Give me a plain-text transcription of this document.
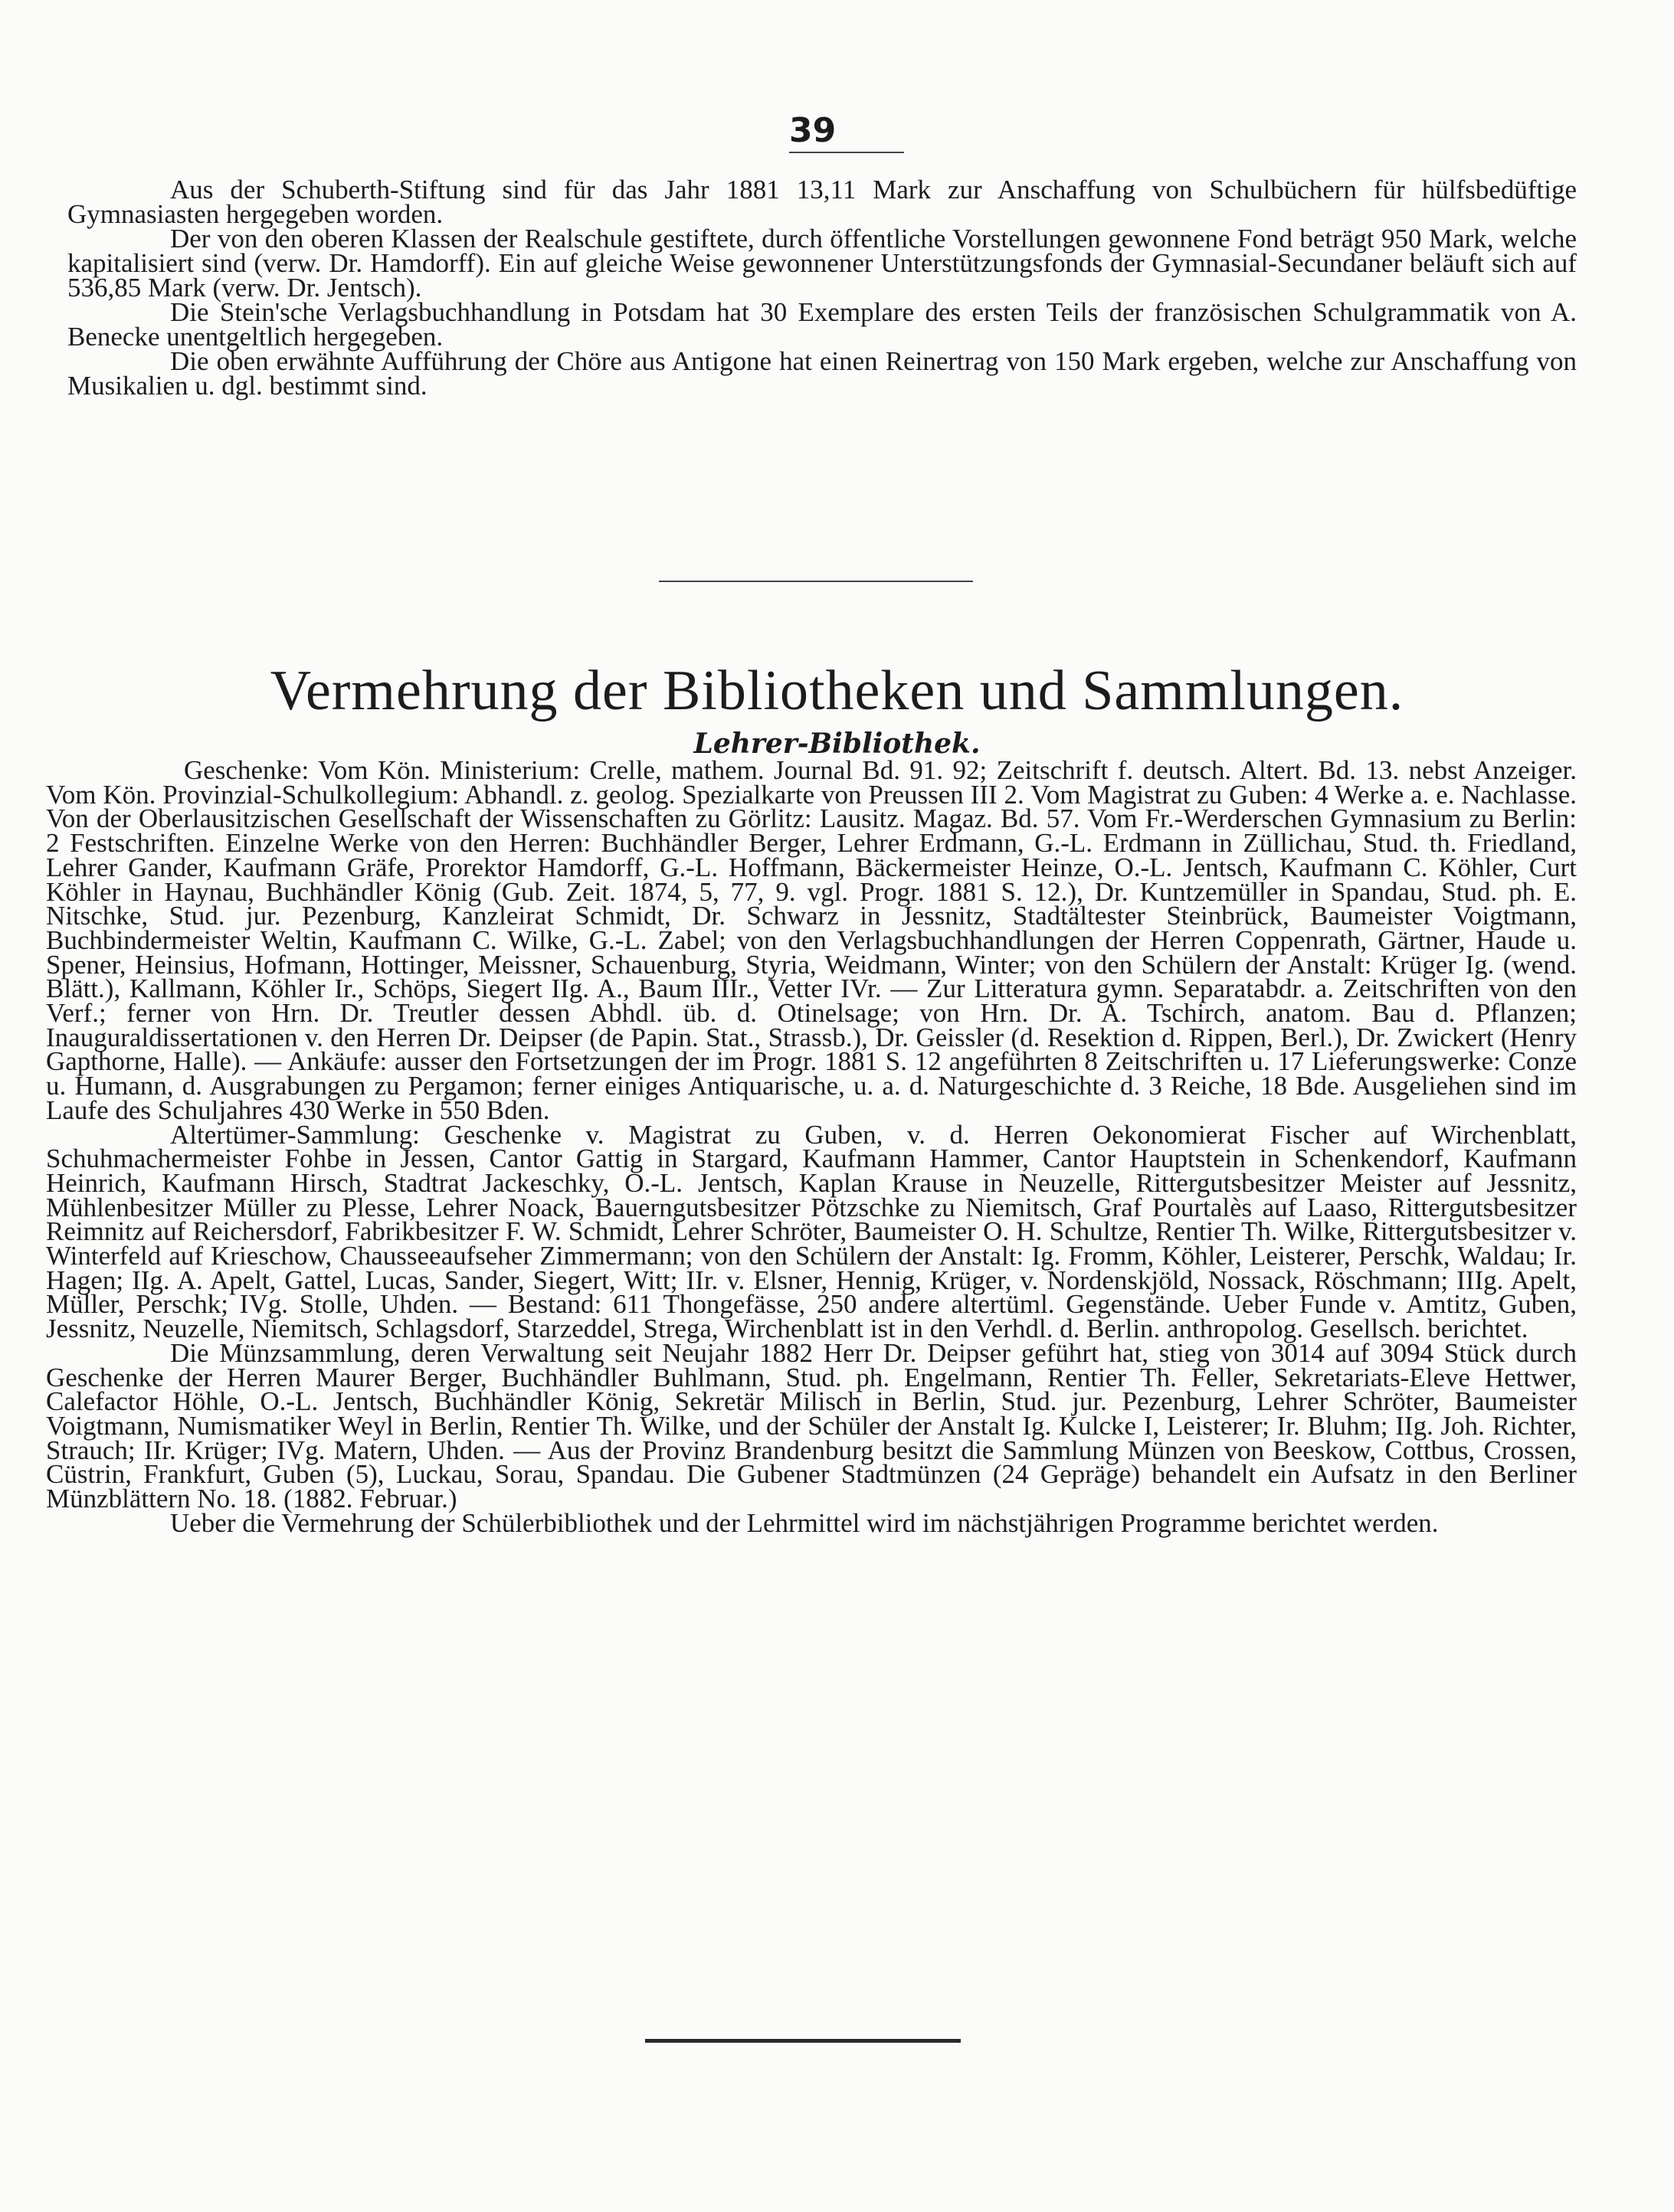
39

Aus der Schuberth-Stiftung sind für das Jahr 1881 13,11 Mark zur Anschaffung von Schulbüchern für hülfsbedüftige Gymnasiasten hergegeben worden.

Der von den oberen Klassen der Realschule gestiftete, durch öffentliche Vorstellungen gewonnene Fond beträgt 950 Mark, welche kapitalisiert sind (verw. Dr. Hamdorff). Ein auf gleiche Weise gewonnener Unterstützungsfonds der Gymnasial-Secundaner beläuft sich auf 536,85 Mark (verw. Dr. Jentsch).

Die Stein'sche Verlagsbuchhandlung in Potsdam hat 30 Exemplare des ersten Teils der französischen Schulgrammatik von A. Benecke unentgeltlich hergegeben.

Die oben erwähnte Aufführung der Chöre aus Antigone hat einen Reinertrag von 150 Mark ergeben, welche zur Anschaffung von Musikalien u. dgl. bestimmt sind.

Vermehrung der Bibliotheken und Sammlungen.
Lehrer-Bibliothek.

Geschenke: Vom Kön. Ministerium: Crelle, mathem. Journal Bd. 91. 92; Zeitschrift f. deutsch. Altert. Bd. 13. nebst Anzeiger. Vom Kön. Provinzial-Schulkollegium: Abhandl. z. geolog. Spezialkarte von Preussen III 2. Vom Magistrat zu Guben: 4 Werke a. e. Nachlasse. Von der Oberlausitzischen Gesellschaft der Wissenschaften zu Görlitz: Lausitz. Magaz. Bd. 57. Vom Fr.-Werderschen Gymnasium zu Berlin: 2 Festschriften. Einzelne Werke von den Herren: Buchhändler Berger, Lehrer Erdmann, G.-L. Erdmann in Züllichau, Stud. th. Friedland, Lehrer Gander, Kaufmann Gräfe, Prorektor Hamdorff, G.-L. Hoffmann, Bäckermeister Heinze, O.-L. Jentsch, Kaufmann C. Köhler, Curt Köhler in Haynau, Buchhändler König (Gub. Zeit. 1874, 5, 77, 9. vgl. Progr. 1881 S. 12.), Dr. Kuntzemüller in Spandau, Stud. ph. E. Nitschke, Stud. jur. Pezenburg, Kanzleirat Schmidt, Dr. Schwarz in Jessnitz, Stadtältester Steinbrück, Baumeister Voigtmann, Buchbindermeister Weltin, Kaufmann C. Wilke, G.-L. Zabel; von den Verlagsbuchhandlungen der Herren Coppenrath, Gärtner, Haude u. Spener, Heinsius, Hofmann, Hottinger, Meissner, Schauenburg, Styria, Weidmann, Winter; von den Schülern der Anstalt: Krüger Ig. (wend. Blätt.), Kallmann, Köhler Ir., Schöps, Siegert IIg. A., Baum IIIr., Vetter IVr. — Zur Litteratura gymn. Separatabdr. a. Zeitschriften von den Verf.; ferner von Hrn. Dr. Treutler dessen Abhdl. üb. d. Otinelsage; von Hrn. Dr. A. Tschirch, anatom. Bau d. Pflanzen; Inauguraldissertationen v. den Herren Dr. Deipser (de Papin. Stat., Strassb.), Dr. Geissler (d. Resektion d. Rippen, Berl.), Dr. Zwickert (Henry Gapthorne, Halle). — Ankäufe: ausser den Fortsetzungen der im Progr. 1881 S. 12 angeführten 8 Zeitschriften u. 17 Lieferungswerke: Conze u. Humann, d. Ausgrabungen zu Pergamon; ferner einiges Antiquarische, u. a. d. Naturgeschichte d. 3 Reiche, 18 Bde. Ausgeliehen sind im Laufe des Schuljahres 430 Werke in 550 Bden.

Altertümer-Sammlung: Geschenke v. Magistrat zu Guben, v. d. Herren Oekonomierat Fischer auf Wirchenblatt, Schuhmachermeister Fohbe in Jessen, Cantor Gattig in Stargard, Kaufmann Hammer, Cantor Hauptstein in Schenkendorf, Kaufmann Heinrich, Kaufmann Hirsch, Stadtrat Jackeschky, O.-L. Jentsch, Kaplan Krause in Neuzelle, Rittergutsbesitzer Meister auf Jessnitz, Mühlenbesitzer Müller zu Plesse, Lehrer Noack, Bauerngutsbesitzer Pötzschke zu Niemitsch, Graf Pourtalès auf Laaso, Rittergutsbesitzer Reimnitz auf Reichersdorf, Fabrikbesitzer F. W. Schmidt, Lehrer Schröter, Baumeister O. H. Schultze, Rentier Th. Wilke, Rittergutsbesitzer v. Winterfeld auf Krieschow, Chausseeaufseher Zimmermann; von den Schülern der Anstalt: Ig. Fromm, Köhler, Leisterer, Perschk, Waldau; Ir. Hagen; IIg. A. Apelt, Gattel, Lucas, Sander, Siegert, Witt; IIr. v. Elsner, Hennig, Krüger, v. Nordenskjöld, Nossack, Röschmann; IIIg. Apelt, Müller, Perschk; IVg. Stolle, Uhden. — Bestand: 611 Thongefässe, 250 andere altertüml. Gegenstände. Ueber Funde v. Amtitz, Guben, Jessnitz, Neuzelle, Niemitsch, Schlagsdorf, Starzeddel, Strega, Wirchenblatt ist in den Verhdl. d. Berlin. anthropolog. Gesellsch. berichtet.

Die Münzsammlung, deren Verwaltung seit Neujahr 1882 Herr Dr. Deipser geführt hat, stieg von 3014 auf 3094 Stück durch Geschenke der Herren Maurer Berger, Buchhändler Buhlmann, Stud. ph. Engelmann, Rentier Th. Feller, Sekretariats-Eleve Hettwer, Calefactor Höhle, O.-L. Jentsch, Buchhändler König, Sekretär Milisch in Berlin, Stud. jur. Pezenburg, Lehrer Schröter, Baumeister Voigtmann, Numismatiker Weyl in Berlin, Rentier Th. Wilke, und der Schüler der Anstalt Ig. Kulcke I, Leisterer; Ir. Bluhm; IIg. Joh. Richter, Strauch; IIr. Krüger; IVg. Matern, Uhden. — Aus der Provinz Brandenburg besitzt die Sammlung Münzen von Beeskow, Cottbus, Crossen, Cüstrin, Frankfurt, Guben (5), Luckau, Sorau, Spandau. Die Gubener Stadtmünzen (24 Gepräge) behandelt ein Aufsatz in den Berliner Münzblättern No. 18. (1882. Februar.)

Ueber die Vermehrung der Schülerbibliothek und der Lehrmittel wird im nächstjährigen Programme berichtet werden.
